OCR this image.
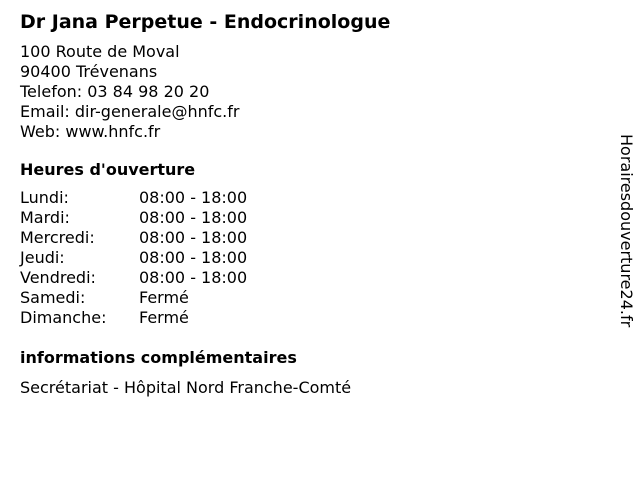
Dr Jana Perpetue - Endocrinologue
100 Route de Moval
90400 Trévenans
Telefon: 03 84 98 20 20
Email: dir-generale@hnfc.fr
Web: www.hnfc.fr
Heures d'ouverture
Lundi:	08:00 - 18:00
Mardi:	08:00 - 18:00
Mercredi:	08:00 - 18:00
Jeudi:	08:00 - 18:00
Vendredi:	08:00 - 18:00
Samedi:	Fermé
Dimanche: Fermé
informations complémentaires
Secrétariat - Hôpital Nord Franche-Comté
Horairesdouverture24.fr
